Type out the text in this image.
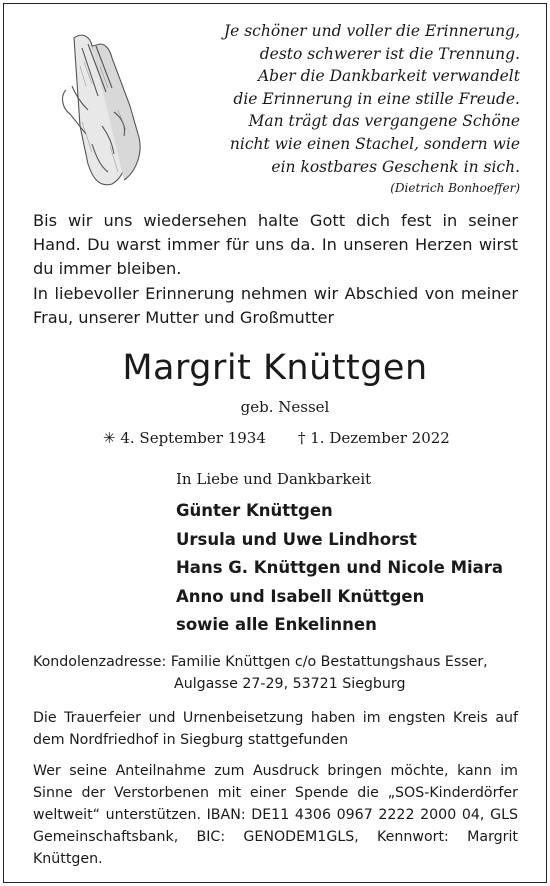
Je schöner und voller die Erinnerung,
desto schwerer ist die Trennung.
Aber die Dankbarkeit verwandelt
die Erinnerung in eine stille Freude.
Man trägt das vergangene Schöne
nicht wie einen Stachel, sondern wie
ein kostbares Geschenk in sich.
(Dietrich Bonhoeffer)

Bis wir uns wiedersehen halte Gott dich fest in seiner Hand. Du warst immer für uns da. In unseren Herzen wirst du immer bleiben.

In liebevoller Erinnerung nehmen wir Abschied von meiner Frau, unserer Mutter und Großmutter

Margrit Knüttgen
geb. Nessel
✳ 4. September 1934 † 1. Dezember 2022
In Liebe und Dankbarkeit
Günter Knüttgen
Ursula und Uwe Lindhorst
Hans G. Knüttgen und Nicole Miara
Anno und Isabell Knüttgen
sowie alle Enkelinnen
Kondolenzadresse: Familie Knüttgen c/o Bestattungshaus Esser,
Aulgasse 27-29, 53721 Siegburg
Die Trauerfeier und Urnenbeisetzung haben im engsten Kreis auf dem Nordfriedhof in Siegburg stattgefunden
Wer seine Anteilnahme zum Ausdruck bringen möchte, kann im Sinne der Verstorbenen mit einer Spende die „SOS-Kinderdörfer weltweit“ unterstützen. IBAN: DE11 4306 0967 2222 2000 04, GLS Gemeinschaftsbank, BIC: GENODEM1GLS, Kennwort: Margrit Knüttgen.
